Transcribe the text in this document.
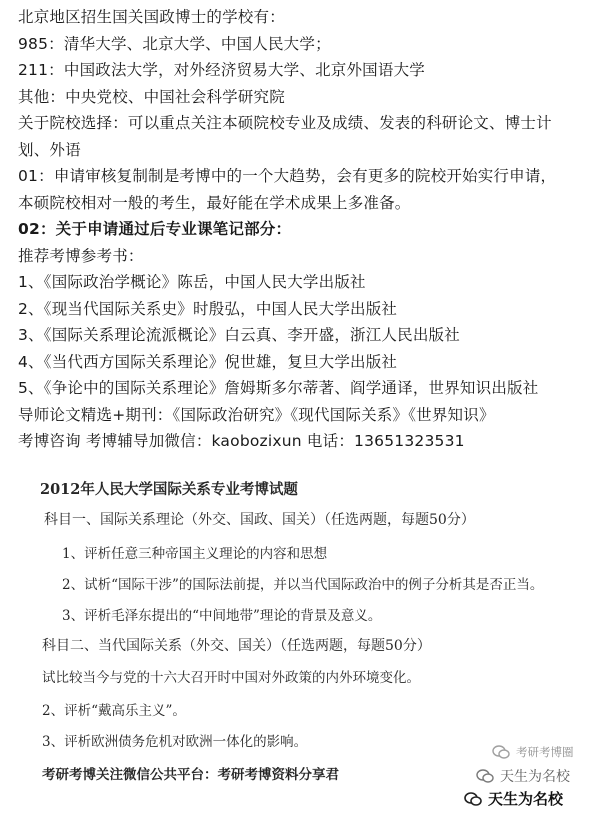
北京地区招生国关国政博士的学校有：
985：清华大学、北京大学、中国人民大学；
211：中国政法大学，对外经济贸易大学、北京外国语大学
其他：中央党校、中国社会科学研究院
关于院校选择：可以重点关注本硕院校专业及成绩、发表的科研论文、博士计
划、外语
01：申请审核复制制是考博中的一个大趋势，会有更多的院校开始实行申请，
本硕院校相对一般的考生，最好能在学术成果上多准备。
02：关于申请通过后专业课笔记部分：
推荐考博参考书：
1、《国际政治学概论》陈岳，中国人民大学出版社
2、《现当代国际关系史》时殷弘，中国人民大学出版社
3、《国际关系理论流派概论》白云真、李开盛，浙江人民出版社
4、《当代西方国际关系理论》倪世雄，复旦大学出版社
5、《争论中的国际关系理论》詹姆斯多尔蒂著、阎学通译，世界知识出版社
导师论文精选+期刊：《国际政治研究》《现代国际关系》《世界知识》
考博咨询 考博辅导加微信：kaobozixun 电话：13651323531
2012年人民大学国际关系专业考博试题
科目一、国际关系理论（外交、国政、国关）（任选两题，每题50分）
1、评析任意三种帝国主义理论的内容和思想
2、试析“国际干涉”的国际法前提，并以当代国际政治中的例子分析其是否正当。
3、评析毛泽东提出的“中间地带”理论的背景及意义。
科目二、当代国际关系（外交、国关）（任选两题，每题50分）
试比较当今与党的十六大召开时中国对外政策的内外环境变化。
2、评析“戴高乐主义”。
3、评析欧洲债务危机对欧洲一体化的影响。
考研考博关注微信公共平台：考研考博资料分享君
考研考博圈
天生为名校
天生为名校
